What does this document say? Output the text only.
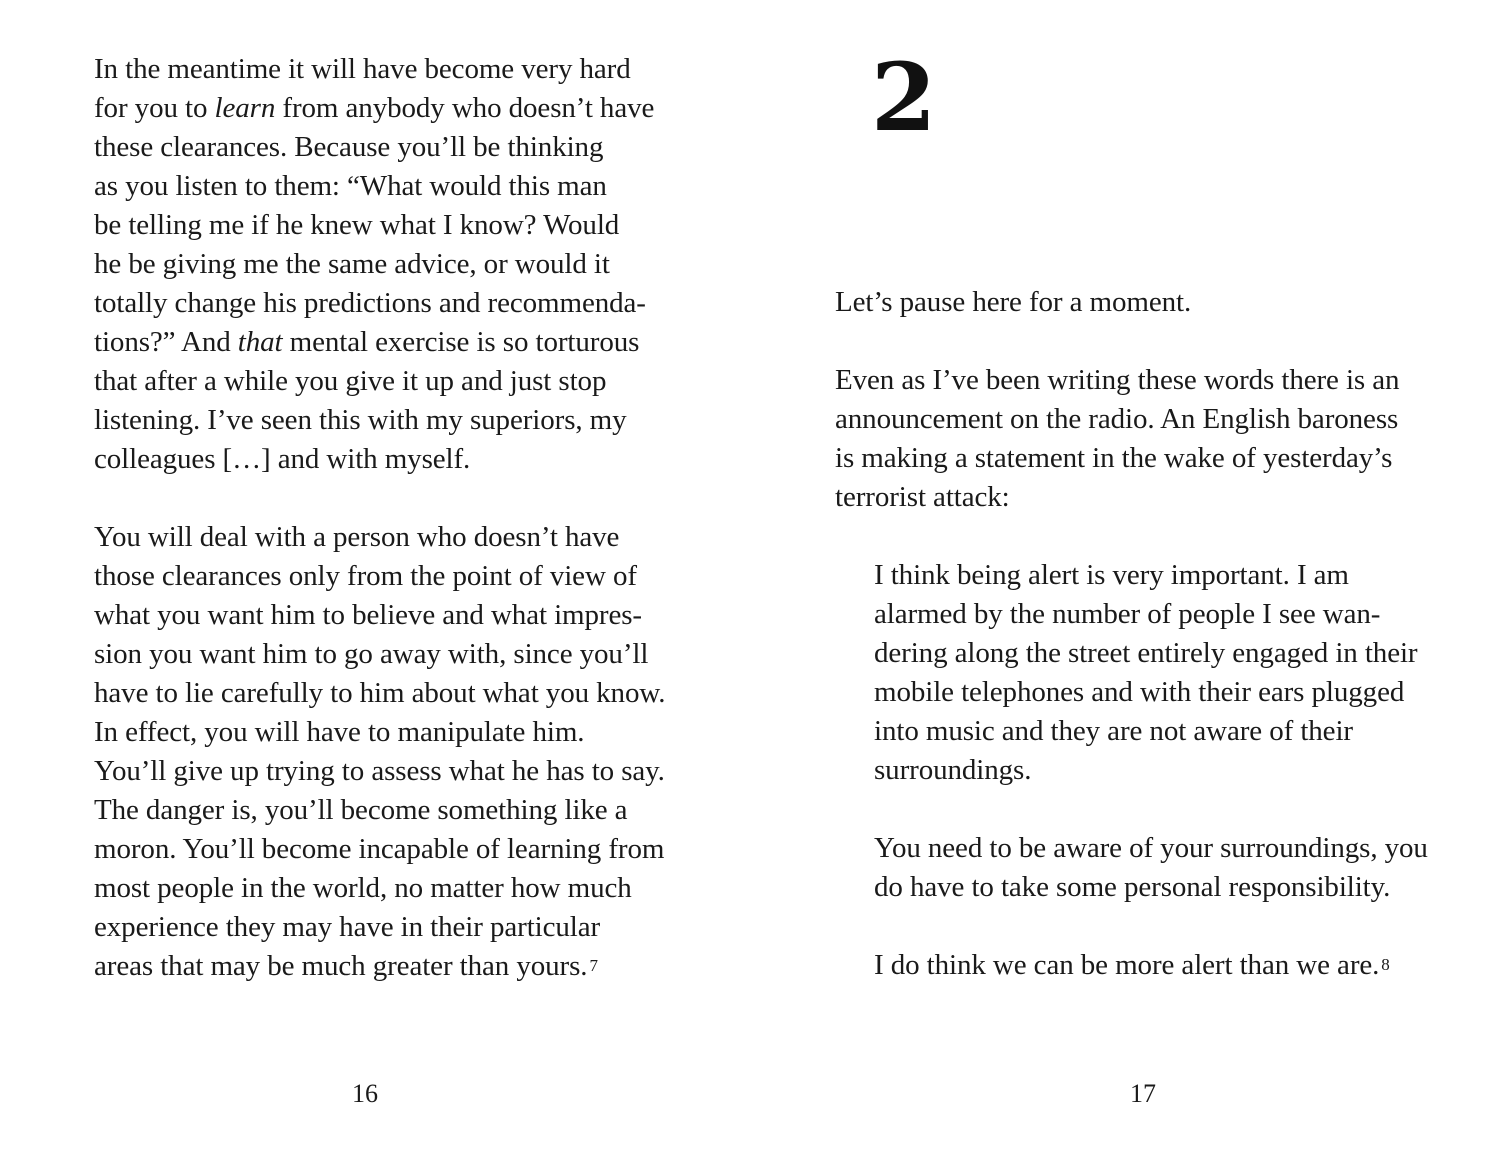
In the meantime it will have become very hard
for you to learn from anybody who doesn’t have
these clearances. Because you’ll be thinking
as you listen to them: “What would this man
be telling me if he knew what I know? Would
he be giving me the same advice, or would it
totally change his predictions and recommenda-
tions?” And that mental exercise is so torturous
that after a while you give it up and just stop
listening. I’ve seen this with my superiors, my
colleagues […] and with myself.
You will deal with a person who doesn’t have
those clearances only from the point of view of
what you want him to believe and what impres-
sion you want him to go away with, since you’ll
have to lie carefully to him about what you know.
In effect, you will have to manipulate him.
You’ll give up trying to assess what he has to say.
The danger is, you’ll become something like a
moron. You’ll become incapable of learning from
most people in the world, no matter how much
experience they may have in their particular
areas that may be much greater than yours. $^7$
16
2
Let’s pause here for a moment.
Even as I’ve been writing these words there is an
announcement on the radio. An English baroness
is making a statement in the wake of yesterday’s
terrorist attack:
I think being alert is very important. I am
alarmed by the number of people I see wan-
dering along the street entirely engaged in their
mobile telephones and with their ears plugged
into music and they are not aware of their
surroundings.
You need to be aware of your surroundings, you
do have to take some personal responsibility.
I do think we can be more alert than we are. $^8$
17
